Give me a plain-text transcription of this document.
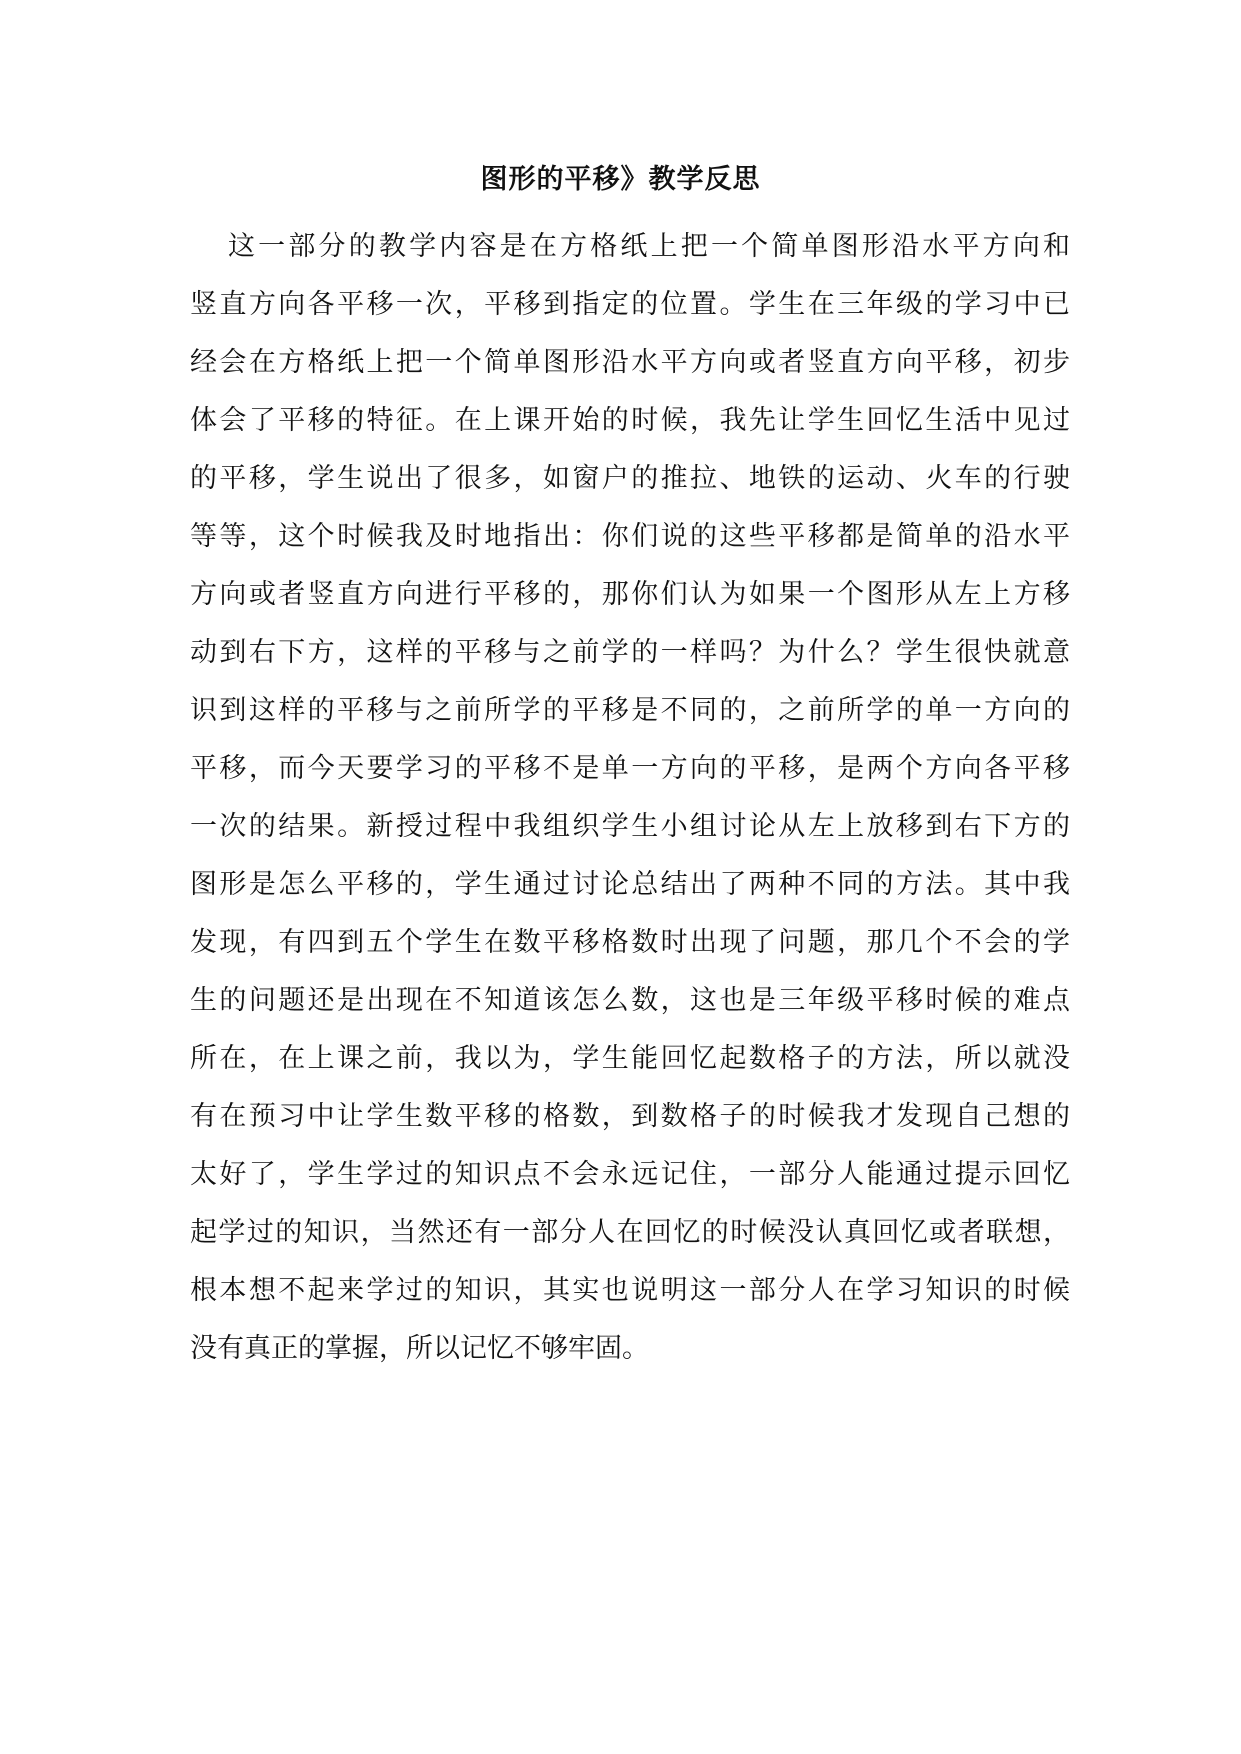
图形的平移》教学反思
这一部分的教学内容是在方格纸上把一个简单图形沿水平方向和
竖直方向各平移一次，平移到指定的位置。学生在三年级的学习中已
经会在方格纸上把一个简单图形沿水平方向或者竖直方向平移，初步
体会了平移的特征。在上课开始的时候，我先让学生回忆生活中见过
的平移，学生说出了很多，如窗户的推拉、地铁的运动、火车的行驶
等等，这个时候我及时地指出：你们说的这些平移都是简单的沿水平
方向或者竖直方向进行平移的，那你们认为如果一个图形从左上方移
动到右下方，这样的平移与之前学的一样吗？为什么？学生很快就意
识到这样的平移与之前所学的平移是不同的，之前所学的单一方向的
平移，而今天要学习的平移不是单一方向的平移，是两个方向各平移
一次的结果。新授过程中我组织学生小组讨论从左上放移到右下方的
图形是怎么平移的，学生通过讨论总结出了两种不同的方法。其中我
发现，有四到五个学生在数平移格数时出现了问题，那几个不会的学
生的问题还是出现在不知道该怎么数，这也是三年级平移时候的难点
所在，在上课之前，我以为，学生能回忆起数格子的方法，所以就没
有在预习中让学生数平移的格数，到数格子的时候我才发现自己想的
太好了，学生学过的知识点不会永远记住，一部分人能通过提示回忆
起学过的知识，当然还有一部分人在回忆的时候没认真回忆或者联想，
根本想不起来学过的知识，其实也说明这一部分人在学习知识的时候
没有真正的掌握，所以记忆不够牢固。
